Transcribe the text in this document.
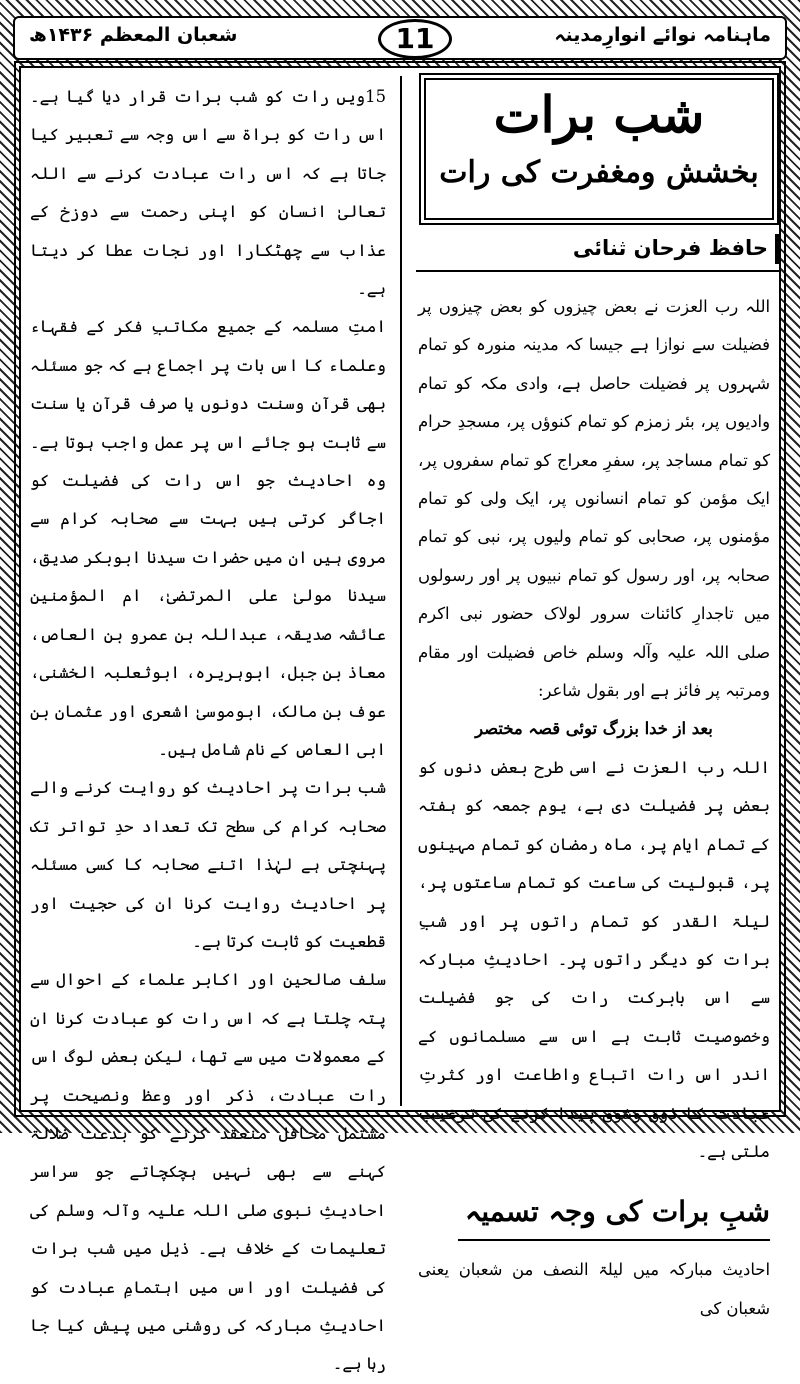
ماہنامہ نوائے انوارِمدینہ
11
شعبان المعظم ۱۴۳۶ھ
شب برات
بخشش ومغفرت کی رات
حافظ فرحان ثنائی

اللہ رب العزت نے بعض چیزوں کو بعض چیزوں پر فضیلت سے نوازا ہے جیسا کہ مدینہ منورہ کو تمام شہروں پر فضیلت حاصل ہے، وادی مکہ کو تمام وادیوں پر، بئر زمزم کو تمام کنوؤں پر، مسجدِ حرام کو تمام مساجد پر، سفرِ معراج کو تمام سفروں پر، ایک مؤمن کو تمام انسانوں پر، ایک ولی کو تمام مؤمنوں پر، صحابی کو تمام ولیوں پر، نبی کو تمام صحابہ پر، اور رسول کو تمام نبیوں پر اور رسولوں میں تاجدارِ کائنات سرور لولاک حضور نبی اکرم صلی اللہ علیہ وآلہ وسلم خاص فضیلت اور مقام ومرتبہ پر فائز ہے اور بقول شاعر:

بعد از خدا بزرگ توئی قصہ مختصر

اللہ رب العزت نے اسی طرح بعض دنوں کو بعض پر فضیلت دی ہے، یوم جمعہ کو ہفتہ کے تمام ایام پر، ماہ رمضان کو تمام مہینوں پر، قبولیت کی ساعت کو تمام ساعتوں پر، لیلۃ القدر کو تمام راتوں پر اور شبِ برات کو دیگر راتوں پر۔ احادیثِ مبارکہ سے اس بابرکت رات کی جو فضیلت وخصوصیت ثابت ہے اس سے مسلمانوں کے اندر اس رات اتباع واطاعت اور کثرتِ عبادت کا ذوق وشوق پیدا کرنے کی ترغیب ملتی ہے۔

شبِ برات کی وجہ تسمیہ

احادیث مبارکہ میں لیلۃ النصف من شعبان یعنی شعبان کی

15ویں رات کو شب برات قرار دیا گیا ہے۔ اس رات کو براۃ سے اس وجہ سے تعبیر کیا جاتا ہے کہ اس رات عبادت کرنے سے اللہ تعالیٰ انسان کو اپنی رحمت سے دوزخ کے عذاب سے چھٹکارا اور نجات عطا کر دیتا ہے۔

امتِ مسلمہ کے جمیع مکاتبِ فکر کے فقہاء وعلماء کا اس بات پر اجماع ہے کہ جو مسئلہ بھی قرآن وسنت دونوں یا صرف قرآن یا سنت سے ثابت ہو جائے اس پر عمل واجب ہوتا ہے۔ وہ احادیث جو اس رات کی فضیلت کو اجاگر کرتی ہیں بہت سے صحابہ کرام سے مروی ہیں ان میں حضرات سیدنا ابوبکر صدیق، سیدنا مولیٰ علی المرتضیٰ، ام المؤمنین عائشہ صدیقہ، عبداللہ بن عمرو بن العاص، معاذ بن جبل، ابوہریرہ، ابوثعلبہ الخشنی، عوف بن مالک، ابوموسیٰ اشعری اور عثمان بن ابی العاص کے نام شامل ہیں۔

شب برات پر احادیث کو روایت کرنے والے صحابہ کرام کی سطح تک تعداد حدِ تواتر تک پہنچتی ہے لہٰذا اتنے صحابہ کا کسی مسئلہ پر احادیث روایت کرنا ان کی حجیت اور قطعیت کو ثابت کرتا ہے۔

سلف صالحین اور اکابر علماء کے احوال سے پتہ چلتا ہے کہ اس رات کو عبادت کرنا ان کے معمولات میں سے تھا، لیکن بعض لوگ اس رات عبادت، ذکر اور وعظ ونصیحت پر مشتمل محافل منعقد کرنے کو بدعت ضلالۃ کہنے سے بھی نہیں ہچکچاتے جو سراسر احادیثِ نبوی صلی اللہ علیہ وآلہ وسلم کی تعلیمات کے خلاف ہے۔ ذیل میں شب برات کی فضیلت اور اس میں اہتمامِ عبادت کو احادیثِ مبارکہ کی روشنی میں پیش کیا جا رہا ہے۔
